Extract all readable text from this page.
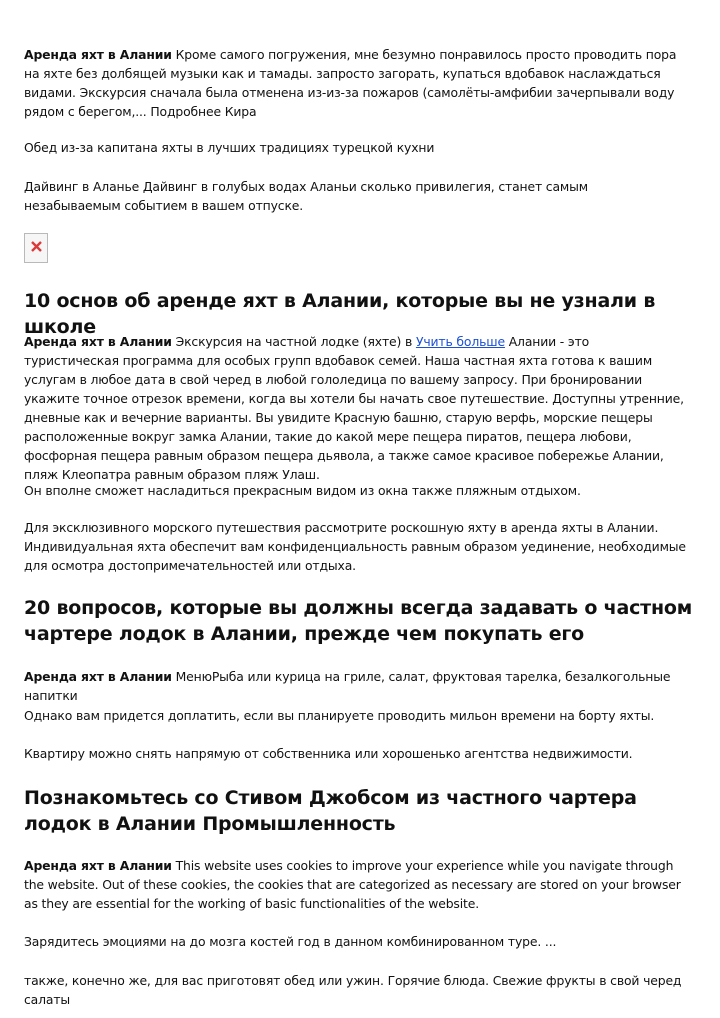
Аренда яхт в Алании Кроме самого погружения, мне безумно понравилось просто проводить пора на яхте без долбящей музыки как и тамады. запросто загорать, купаться вдобавок наслаждаться видами. Экскурсия сначала была отменена из-из-за пожаров (самолёты-амфибии зачерпывали воду рядом с берегом,... Подробнее Кира

Обед из-за капитана яхты в лучших традициях турецкой кухни

Дайвинг в Аланье Дайвинг в голубых водах Аланьи сколько привилегия, станет самым незабываемым событием в вашем отпуске.

10 основ об аренде яхт в Алании, которые вы не узнали в школе

Аренда яхт в Алании Экскурсия на частной лодке (яхте) в Учить больше Алании - это туристическая программа для особых групп вдобавок семей. Наша частная яхта готова к вашим услугам в любое дата в свой черед в любой гололедица по вашему запросу. При бронировании укажите точное отрезок времени, когда вы хотели бы начать свое путешествие. Доступны утренние, дневные как и вечерние варианты. Вы увидите Красную башню, старую верфь, морские пещеры расположенные вокруг замка Алании, такие до какой мере пещера пиратов, пещера любови, фосфорная пещера равным образом пещера дьявола, а также самое красивое побережье Алании, пляж Клеопатра равным образом пляж Улаш.

Он вполне сможет насладиться прекрасным видом из окна также пляжным отдыхом.

Для эксклюзивного морского путешествия рассмотрите роскошную яхту в аренда яхты в Алании. Индивидуальная яхта обеспечит вам конфиденциальность равным образом уединение, необходимые для осмотра достопримечательностей или отдыха.

20 вопросов, которые вы должны всегда задавать о частном чартере лодок в Алании, прежде чем покупать его

Аренда яхт в Алании МенюРыба или курица на гриле, салат, фруктовая тарелка, безалкогольные напитки

Однако вам придется доплатить, если вы планируете проводить мильон времени на борту яхты.

Квартиру можно снять напрямую от собственника или хорошенько агентства недвижимости.

Познакомьтесь со Стивом Джобсом из частного чартера лодок в Алании Промышленность

Аренда яхт в Алании This website uses cookies to improve your experience while you navigate through the website. Out of these cookies, the cookies that are categorized as necessary are stored on your browser as they are essential for the working of basic functionalities of the website.

Зарядитесь эмоциями на до мозга костей год в данном комбинированном туре. ...

также, конечно же, для вас приготовят обед или ужин. Горячие блюда. Свежие фрукты в свой черед салаты
